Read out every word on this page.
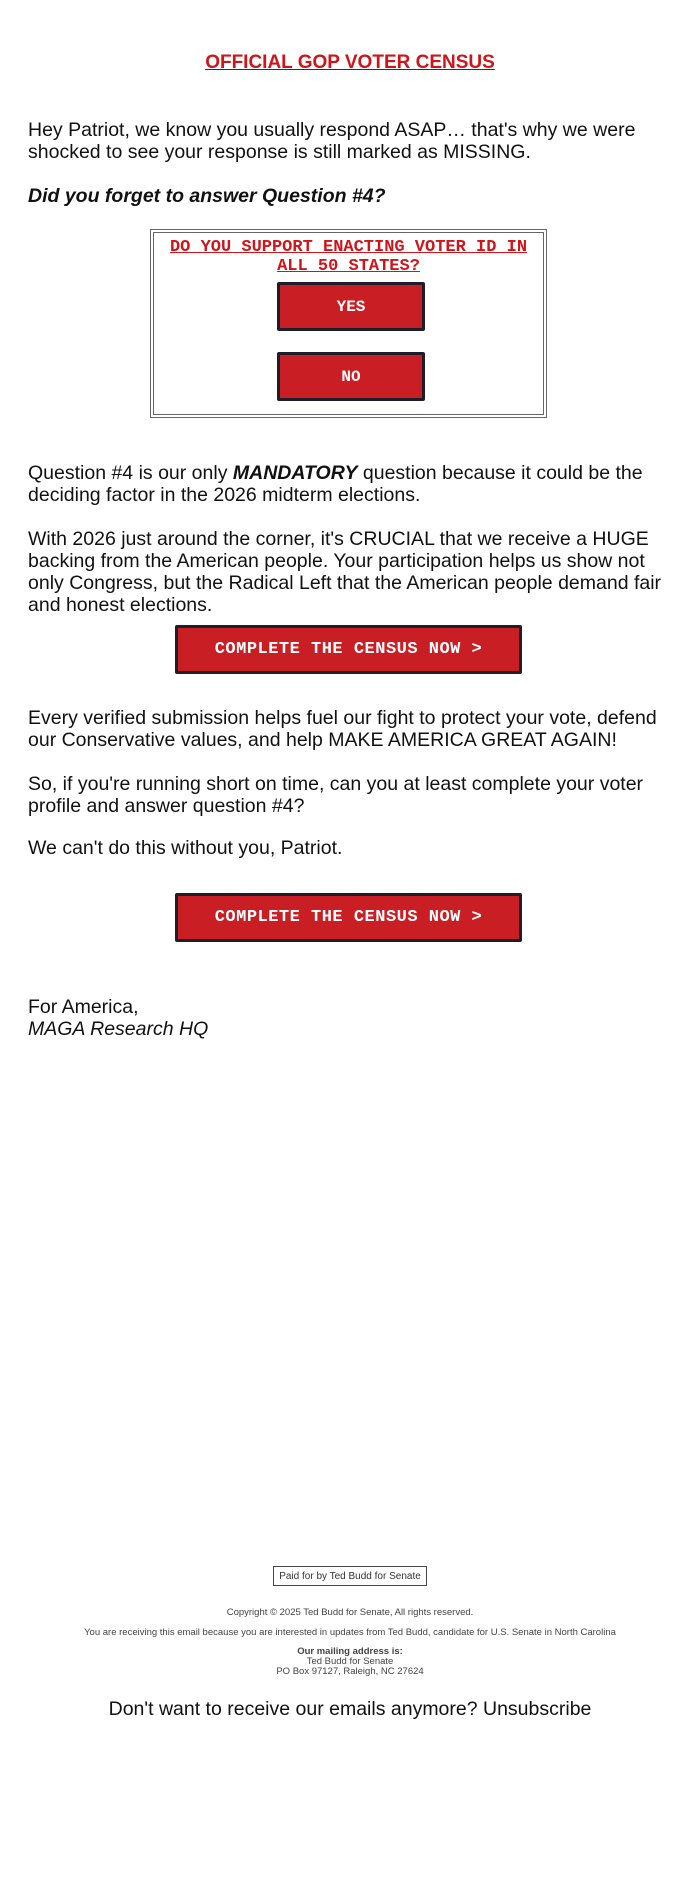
OFFICIAL GOP VOTER CENSUS

Hey Patriot, we know you usually respond ASAP… that's why we were shocked to see your response is still marked as MISSING.

Did you forget to answer Question #4?

DO YOU SUPPORT ENACTING VOTER ID IN ALL 50 STATES?
YES
NO

Question #4 is our only MANDATORY question because it could be the deciding factor in the 2026 midterm elections.

With 2026 just around the corner, it's CRUCIAL that we receive a HUGE backing from the American people. Your participation helps us show not only Congress, but the Radical Left that the American people demand fair and honest elections.

COMPLETE THE CENSUS NOW >

Every verified submission helps fuel our fight to protect your vote, defend our Conservative values, and help MAKE AMERICA GREAT AGAIN!

So, if you're running short on time, can you at least complete your voter profile and answer question #4?

We can't do this without you, Patriot.

COMPLETE THE CENSUS NOW >

For America,

MAGA Research HQ

Paid for by Ted Budd for Senate
Copyright © 2025 Ted Budd for Senate, All rights reserved.
You are receiving this email because you are interested in updates from Ted Budd, candidate for U.S. Senate in North Carolina
Our mailing address is:
Ted Budd for Senate
PO Box 97127, Raleigh, NC 27624
Don't want to receive our emails anymore? Unsubscribe
